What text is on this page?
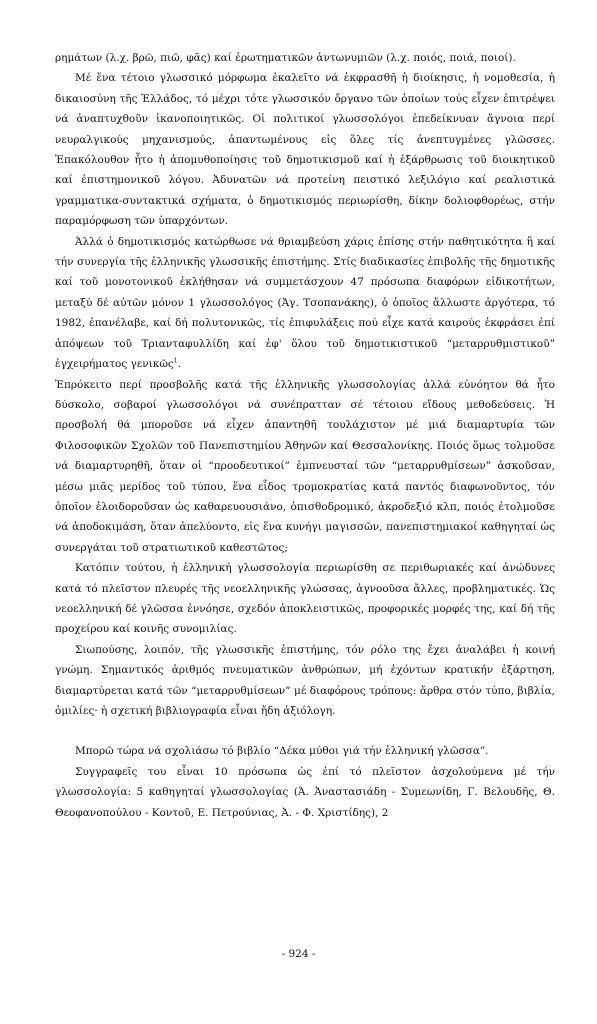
ρημάτων (λ.χ. βρῶ, πιῶ, φᾶς) καί ἐρωτηματικῶν ἀντωνυμιῶν (λ.χ. ποιός, ποιά, ποιοί).

Μέ ἕνα τέτοιο γλωσσικό μόρφωμα ἐκαλεῖτο νά ἐκφρασθῆ ἡ διοίκησις, ἡ νομοθεσία, ἡ δικαιοσύνη τῆς Ἑλλάδος, τό μέχρι τότε γλωσσικόν ὄργανο τῶν ὁποίων τούς εἶχεν ἐπιτρέψει νά ἀναπτυχθοῦν ἱκανοποιητικῶς. Οἱ πολιτικοί γλωσσολόγοι ἐπεδείκνυαν ἄγνοια περί νευραλγικούς μηχανισμούς, ἀπαντωμένους εἰς ὅλες τίς ἀνεπτυγμένες γλῶσσες. Ἐπακόλουθον ἦτο ἡ ἀπομυθοποίησις τοῦ δημοτικισμοῦ καί ἡ ἐξάρθρωσις τοῦ διοικητικοῦ καί ἐπιστημονικοῦ λόγου. Ἀδυνατῶν νά προτείνη πειστικό λεξιλόγιο καί ρεαλιστικά γραμματικα-συντακτικά σχήματα, ὁ δημοτικισμός περιωρίσθη, δίκην δολιοφθορέως, στήν παραμόρφωση τῶν ὑπαρχόντων.

Ἀλλά ὁ δημοτικισμός κατώρθωσε νά θριαμβεύση χάρις ἐπίσης στήν παθητικότητα ἢ καί τήν συνεργία τῆς ἑλληνικῆς γλωσσικῆς ἐπιστήμης. Στίς διαδικασίες ἐπιβολῆς τῆς δημοτικῆς καί τοῦ μονοτονικοῦ ἐκλήθησαν νά συμμετάσχουν 47 πρόσωπα διαφόρων εἰδικοτήτων, μεταξύ δέ αὐτῶν μόνον 1 γλωσσολόγος (Ἀγ. Τσοπανάκης), ὁ ὁποῖος ἄλλωστε ἀργότερα, τό 1982, ἐπανέλαβε, καί δή πολυτονικῶς, τίς ἐπιφυλάξεις πού εἶχε κατά καιρούς ἐκφράσει ἐπί ἀπόψεων τοῦ Τριανταφυλλίδη καί ἐφ' ὅλου τοῦ δημοτικιστικοῦ “μεταρρυθμιστικοῦ” ἐγχειρήματος γενικῶς$^1$.

Ἐπρόκειτο περί προσβολῆς κατά τῆς ἑλληνικῆς γλωσσολογίας ἀλλά εὐνόητον θά ἦτο δύσκολο, σοβαροί γλωσσολόγοι νά συνέπρατταν σέ τέτοιου εἴδους μεθοδεύσεις. Ἡ προσβολή θά μποροῦσε νά εἶχεν ἀπαντηθῆ τουλάχιστον μέ μιά διαμαρτυρία τῶν Φιλοσοφικῶν Σχολῶν τοῦ Πανεπιστημίου Ἀθηνῶν καί Θεσσαλονίκης. Ποιός ὅμως τολμοῦσε νά διαμαρτυρηθῆ, ὅταν οἱ “προοδευτικοί” ἐμπνευσταί τῶν “μεταρρυθμίσεων” ἀσκοῦσαν, μέσω μιᾶς μερίδος τοῦ τύπου, ἕνα εἶδος τρομοκρατίας κατά παντός διαφωνοῦντος, τόν ὁποῖον ἐλοιδοροῦσαν ὡς καθαρευουσιάνο, ὀπισθοδρομικό, ἀκροδεξιό κλπ, ποιός ἐτολμοῦσε νά ἀποδοκιμάση, ὅταν ἀπελύοντο, εἰς ἕνα κυνήγι μαγισσῶν, πανεπιστημιακοί καθηγηταί ὡς συνεργάται τοῦ στρατιωτικοῦ καθεστῶτος;

Κατόπιν τούτου, ἡ ἑλληνική γλωσσολογία περιωρίσθη σε περιθωριακές καί ἀνώδυνες κατά τό πλεῖστον πλευρές τῆς νεοελληνικῆς γλώσσας, ἀγνοοῦσα ἄλλες, προβληματικές. Ὡς νεοελληνική δέ γλῶσσα ἐννόησε, σχεδόν ἀποκλειστικῶς, προφορικές μορφές της, καί δή τῆς προχείρου καί κοινῆς συνομιλίας.

Σιωπούσης, λοιπόν, τῆς γλωσσικῆς ἐπιστήμης, τόν ρόλο της ἔχει ἀναλάβει ἡ κοινή γνώμη. Σημαντικός ἀριθμός πνευματικῶν ἀνθρώπων, μή ἐχόντων κρατικήν ἐξάρτηση, διαμαρτύρεται κατά τῶν “μεταρρυθμίσεων” μέ διαφόρους τρόπους: ἄρθρα στόν τύπο, βιβλία, ὁμιλίες· ἡ σχετική βιβλιογραφία εἶναι ἤδη ἀξιόλογη.

Μπορῶ τώρα νά σχολιάσω τό βιβλίο “Δέκα μύθοι γιά τήν ἑλληνική γλῶσσα”.

Συγγραφεῖς του εἶναι 10 πρόσωπα ὡς ἐπί τό πλεῖστον ἀσχολούμενα μέ τήν γλωσσολογία: 5 καθηγηταί γλωσσολογίας (Ἀ. Ἀναστασιάδη - Συμεωνίδη, Γ. Βελουδῆς, Θ. Θεοφανοπούλου - Κοντοῦ, Ε. Πετρούνιας, Ἀ. - Φ. Χριστίδης), 2

- 924 -
